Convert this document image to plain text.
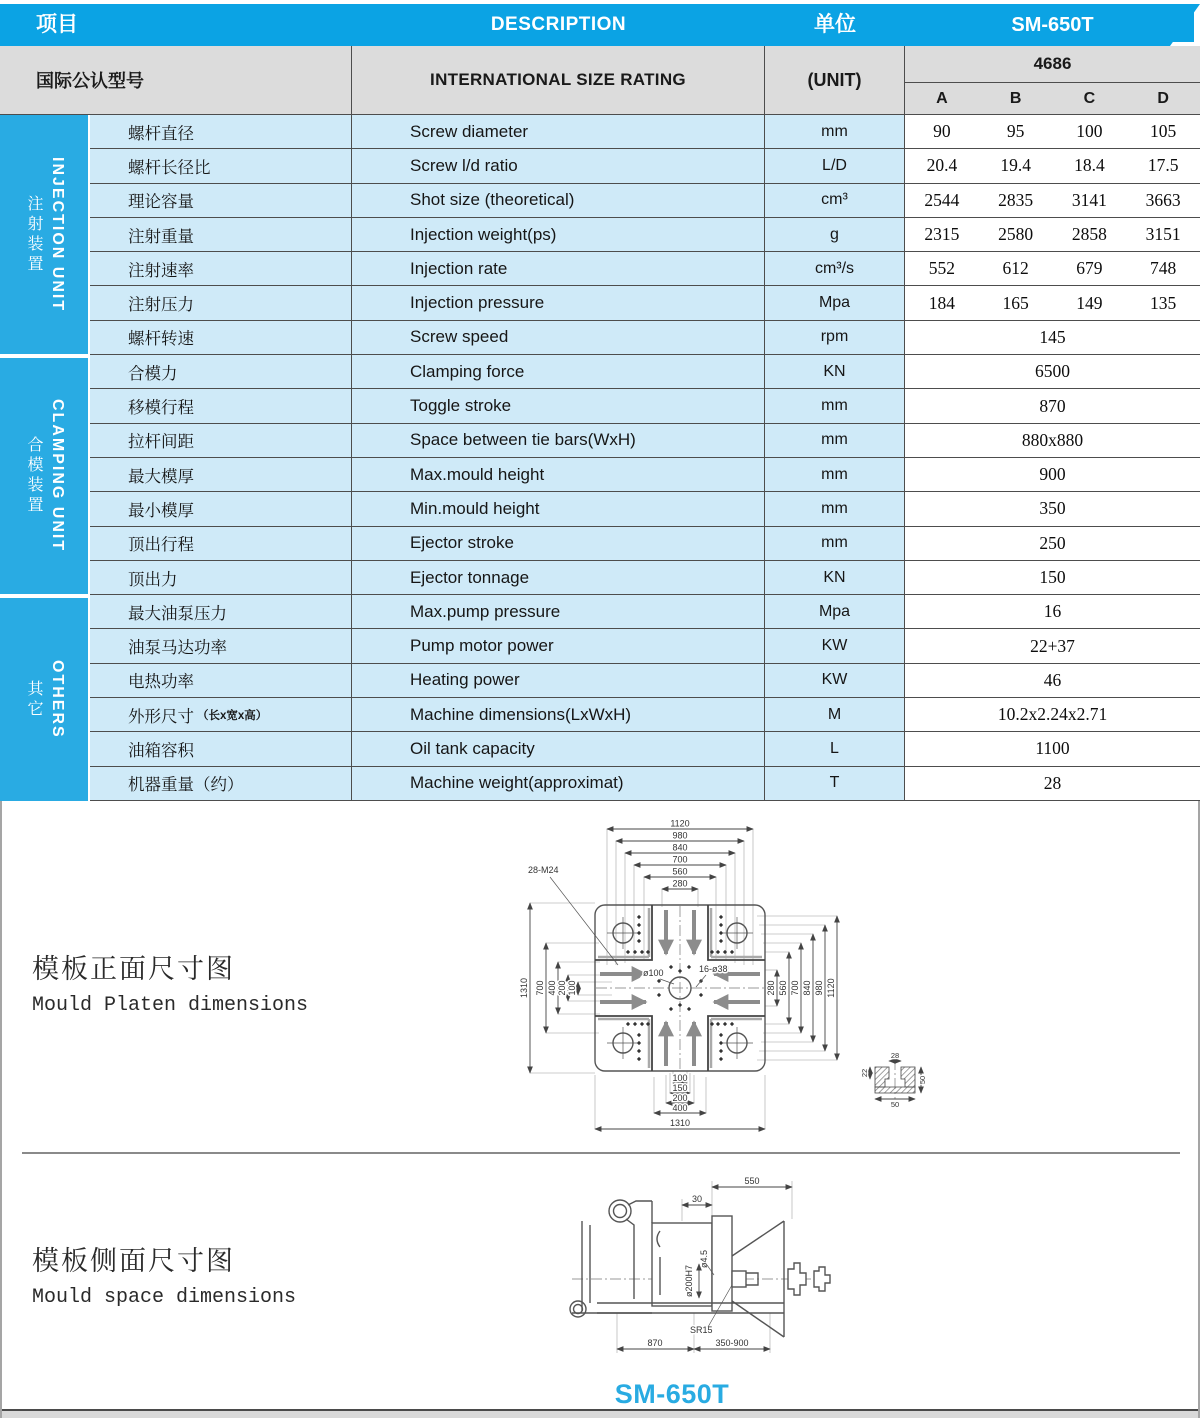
项目	DESCRIPTION	单位	SM-650T
国际公认型号	INTERNATIONAL SIZE RATING	(UNIT)
4686
A	B	C	D
注射装置 INJECTION UNIT
合模装置 CLAMPING UNIT
其它 OTHERS
螺杆直径	Screw diameter	mm	90	95	100	105
螺杆长径比	Screw l/d ratio	L/D	20.4	19.4	18.4	17.5
理论容量	Shot size (theoretical)	cm³	2544	2835	3141	3663
注射重量	Injection weight(ps)	g	2315	2580	2858	3151
注射速率	Injection rate	cm³/s	552	612	679	748
注射压力	Injection pressure	Mpa	184	165	149	135
螺杆转速	Screw speed	rpm	145
合模力	Clamping force	KN	6500
移模行程	Toggle stroke	mm	870
拉杆间距	Space between tie bars(WxH)	mm	880x880
最大模厚	Max.mould height	mm	900
最小模厚	Min.mould height	mm	350
顶出行程	Ejector stroke	mm	250
顶出力	Ejector tonnage	KN	150
最大油泵压力	Max.pump pressure	Mpa	16
油泵马达功率	Pump motor power	KW	22+37
电热功率	Heating power	KW	46
外形尺寸 （长x宽x高）	Machine dimensions(LxWxH)	M	10.2x2.24x2.71
油箱容积	Oil tank capacity	L	1100
机器重量（约）	Machine weight(approximat)	T	28
模板正面尺寸图
Mould Platen dimensions
1120
980
840
700
560
280
280 560 700 840 980 1120
1310 700 400 200 100
100
150
200
400
1310
28-M24
ø100	16-ø38
28
22
50
50
模板侧面尺寸图
Mould space dimensions
550
30
ø4.5
ø200H7
SR15
870	350-900
SM-650T
